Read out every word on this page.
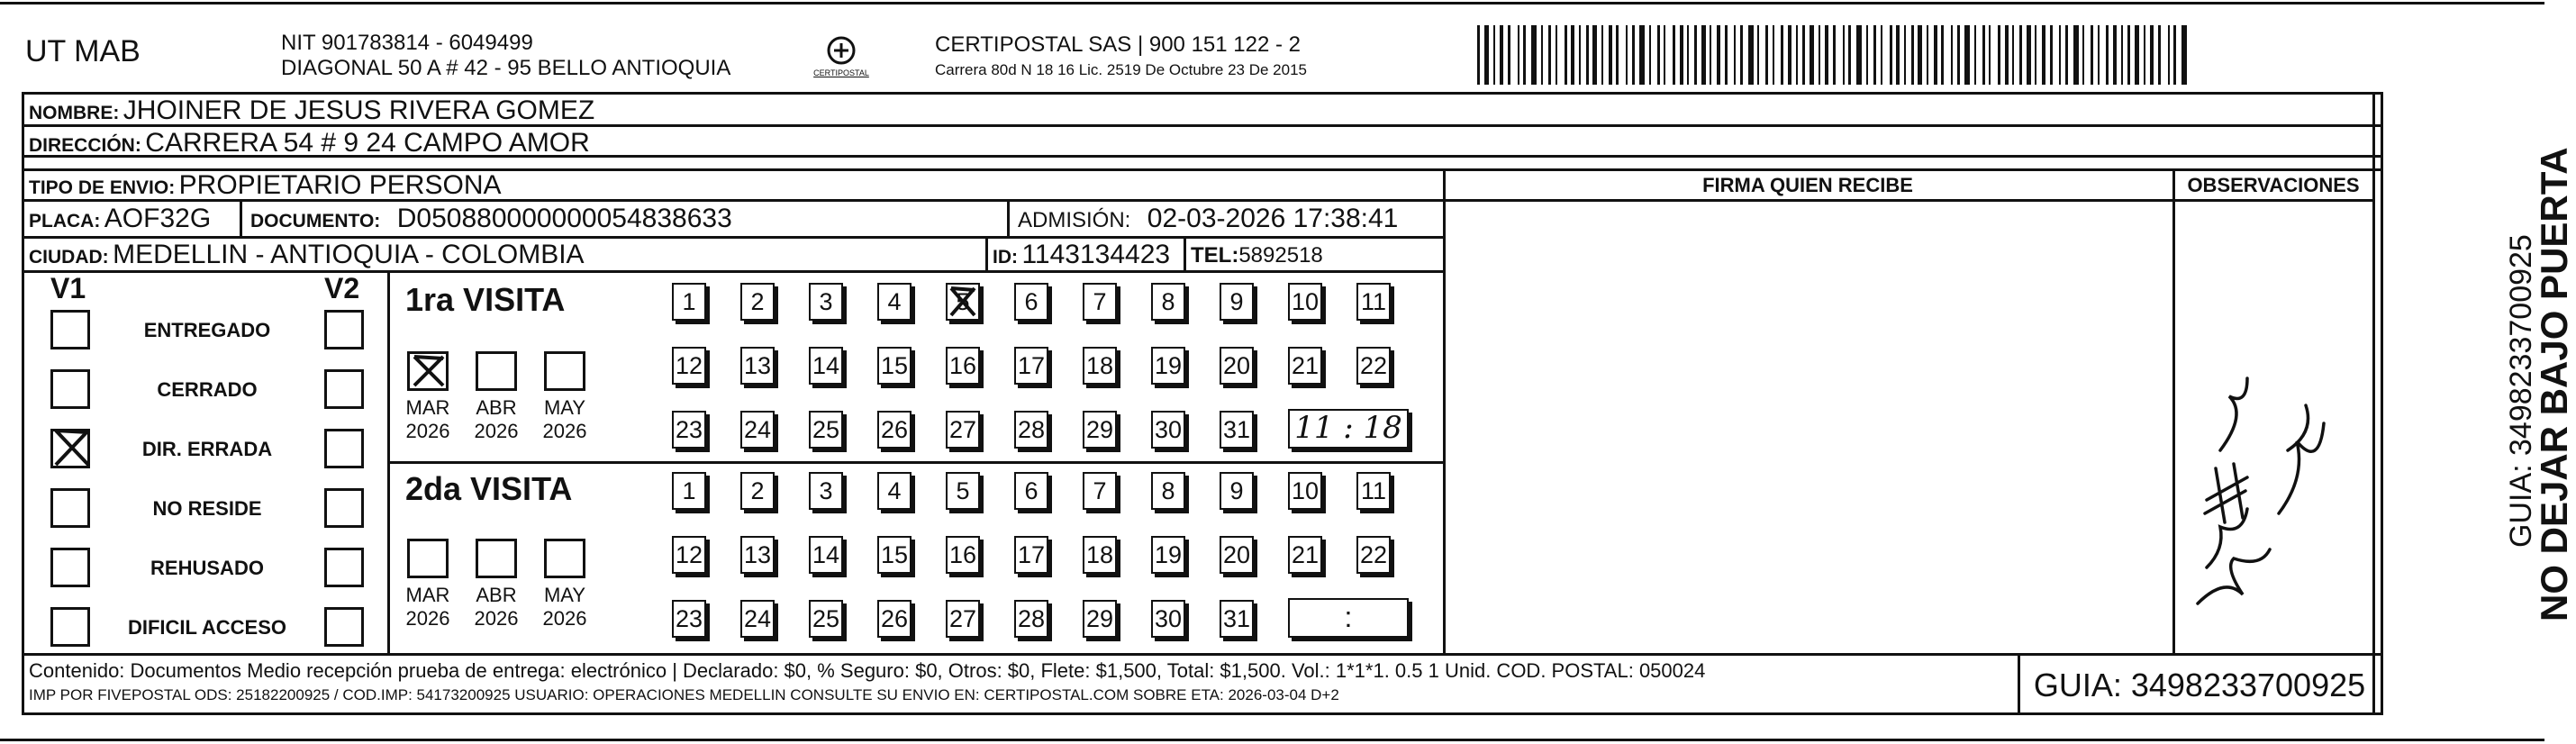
UT MAB	NIT 901783814 - 6049499
DIAGONAL 50 A # 42 - 95 BELLO ANTIOQUIA	CERTIPOSTAL
CERTIPOSTAL SAS | 900 151 122 - 2
Carrera 80d N 18 16 Lic. 2519 De Octubre 23 De 2015
NOMBRE: JHOINER DE JESUS RIVERA GOMEZ
DIRECCIÓN: CARRERA 54 # 9 24 CAMPO AMOR
TIPO DE ENVIO: PROPIETARIO PERSONA	FIRMA QUIEN RECIBE	OBSERVACIONES
PLACA: AOF32G DOCUMENTO: D050880000000054838633	ADMISIÓN: 02-03-2026 17:38:41
CIUDAD: MEDELLIN - ANTIOQUIA - COLOMBIA	ID: 1143134423 TEL:5892518
V1	V2 1ra VISITA
11 : 18
2da VISITA
:
Contenido: Documentos Medio recepción prueba de entrega: electrónico | Declarado: $0, % Seguro: $0, Otros: $0, Flete: $1,500, Total: $1,500. Vol.: 1*1*1. 0.5 1 Unid. COD. POSTAL: 050024
IMP POR FIVEPOSTAL ODS: 25182200925 / COD.IMP: 54173200925 USUARIO: OPERACIONES MEDELLIN CONSULTE SU ENVIO EN: CERTIPOSTAL.COM SOBRE ETA: 2026-03-04 D+2	GUIA: 3498233700925
NO DEJAR BAJO PUERTA
GUIA: 3498233700925
ENTREGADO
CERRADO
DIR. ERRADA
NO RESIDE
REHUSADO
DIFICIL ACCESO
MAR
2026
ABR
2026
MAY
2026
MAR
2026
ABR
2026
MAY
2026
1	2	3	4	5	6	7	8	9	10 11
12 13 14 15 16 17 18 19 20 21 22
23 24 25 26 27 28 29 30 31
1	2	3	4	5	6	7	8	9	10 11
12 13 14 15 16 17 18 19 20 21 22
23 24 25 26 27 28 29 30 31
